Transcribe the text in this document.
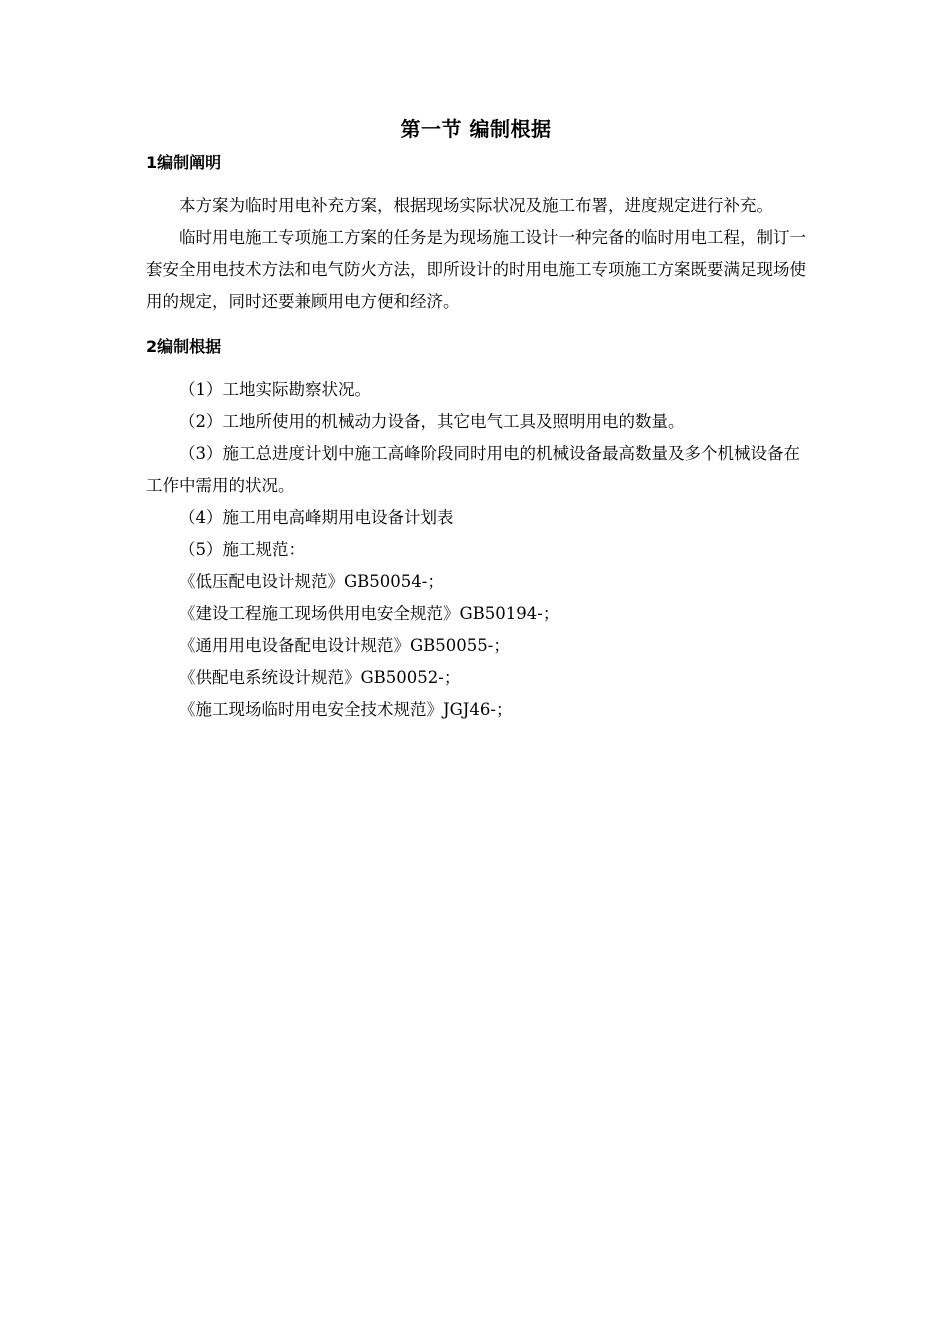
第一节 编制根据
1编制阐明

本方案为临时用电补充方案，根据现场实际状况及施工布署，进度规定进行补充。

临时用电施工专项施工方案的任务是为现场施工设计一种完备的临时用电工程，制订一套安全用电技术方法和电气防火方法，即所设计的时用电施工专项施工方案既要满足现场使用的规定，同时还要兼顾用电方便和经济。

2编制根据

（1）工地实际勘察状况。

（2）工地所使用的机械动力设备，其它电气工具及照明用电的数量。

（3）施工总进度计划中施工高峰阶段同时用电的机械设备最高数量及多个机械设备在工作中需用的状况。

（4）施工用电高峰期用电设备计划表

（5）施工规范：

《低压配电设计规范》GB50054-；

《建设工程施工现场供用电安全规范》GB50194-；

《通用用电设备配电设计规范》GB50055-；

《供配电系统设计规范》GB50052-；

《施工现场临时用电安全技术规范》JGJ46-；
